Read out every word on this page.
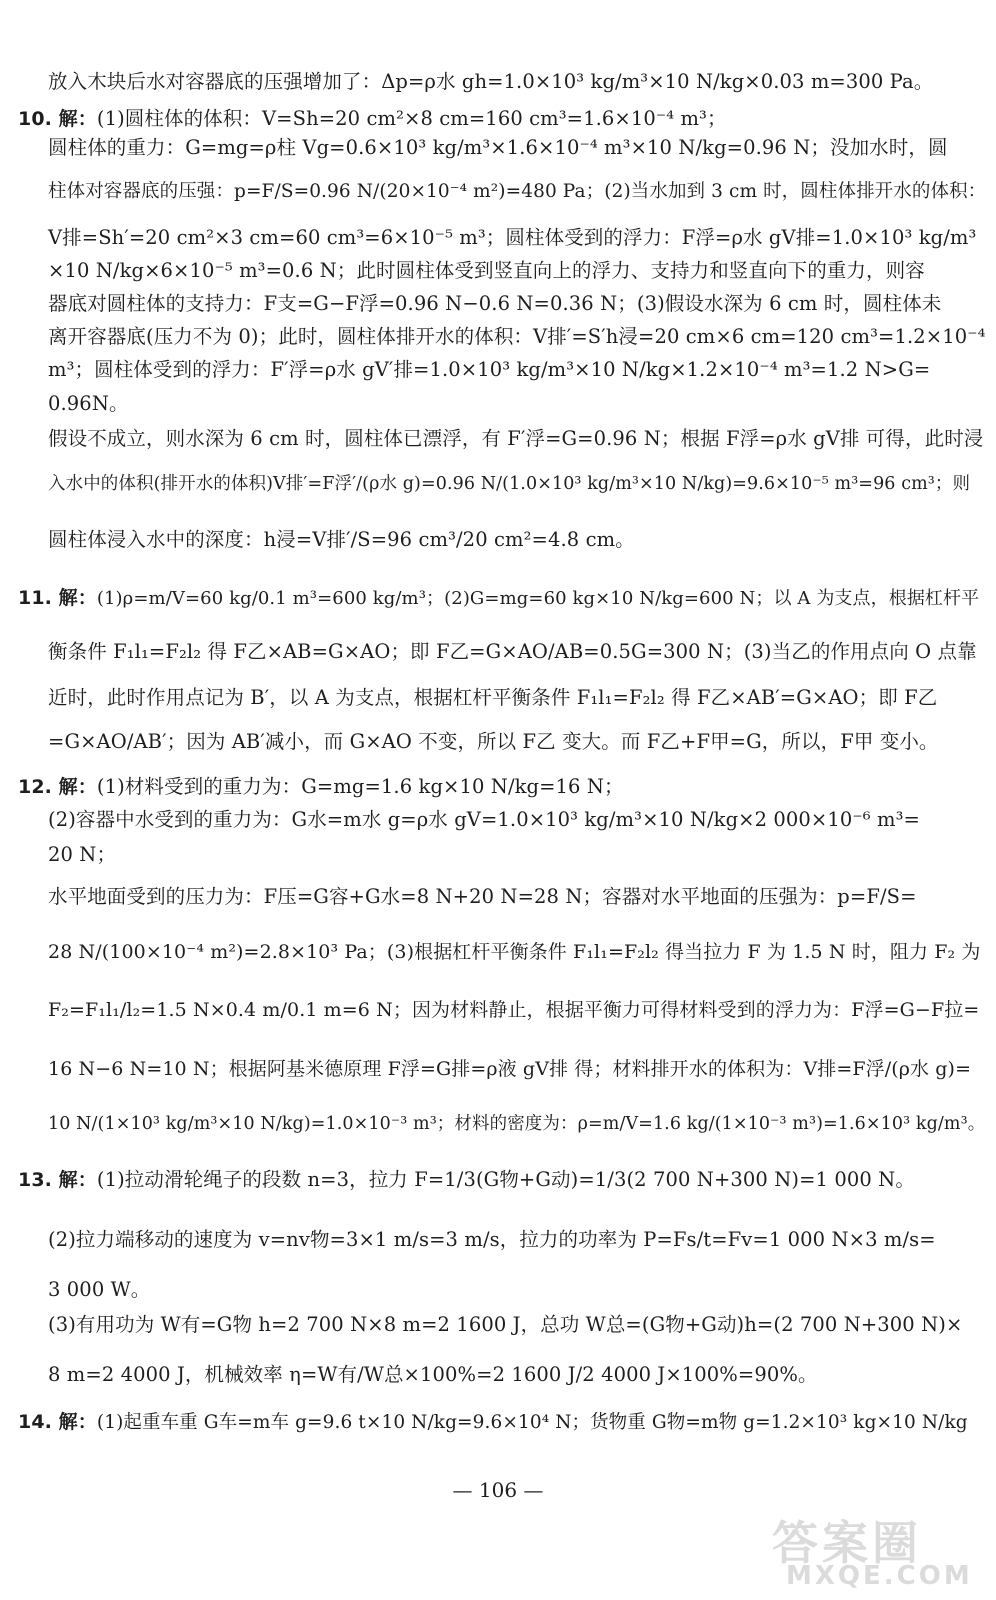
放入木块后水对容器底的压强增加了：Δp=ρ水 gh=1.0×10³ kg/m³×10 N/kg×0.03 m=300 Pa。
10. 解：(1)圆柱体的体积：V=Sh=20 cm²×8 cm=160 cm³=1.6×10⁻⁴ m³；
圆柱体的重力：G=mg=ρ柱 Vg=0.6×10³ kg/m³×1.6×10⁻⁴ m³×10 N/kg=0.96 N；没加水时，圆
柱体对容器底的压强：p=F/S=0.96 N/(20×10⁻⁴ m²)=480 Pa；(2)当水加到 3 cm 时，圆柱体排开水的体积：
V排=Sh′=20 cm²×3 cm=60 cm³=6×10⁻⁵ m³；圆柱体受到的浮力：F浮=ρ水 gV排=1.0×10³ kg/m³
×10 N/kg×6×10⁻⁵ m³=0.6 N；此时圆柱体受到竖直向上的浮力、支持力和竖直向下的重力，则容
器底对圆柱体的支持力：F支=G−F浮=0.96 N−0.6 N=0.36 N；(3)假设水深为 6 cm 时，圆柱体未
离开容器底(压力不为 0)；此时，圆柱体排开水的体积：V排′=S′h浸=20 cm×6 cm=120 cm³=1.2×10⁻⁴
m³；圆柱体受到的浮力：F′浮=ρ水 gV′排=1.0×10³ kg/m³×10 N/kg×1.2×10⁻⁴ m³=1.2 N>G=
0.96N。
假设不成立，则水深为 6 cm 时，圆柱体已漂浮，有 F′浮=G=0.96 N；根据 F浮=ρ水 gV排 可得，此时浸
入水中的体积(排开水的体积)V排′=F浮′/(ρ水 g)=0.96 N/(1.0×10³ kg/m³×10 N/kg)=9.6×10⁻⁵ m³=96 cm³；则
圆柱体浸入水中的深度：h浸=V排′/S=96 cm³/20 cm²=4.8 cm。
11. 解：(1)ρ=m/V=60 kg/0.1 m³=600 kg/m³；(2)G=mg=60 kg×10 N/kg=600 N；以 A 为支点，根据杠杆平
衡条件 F₁l₁=F₂l₂ 得 F乙×AB=G×AO；即 F乙=G×AO/AB=0.5G=300 N；(3)当乙的作用点向 O 点靠
近时，此时作用点记为 B′，以 A 为支点，根据杠杆平衡条件 F₁l₁=F₂l₂ 得 F乙×AB′=G×AO；即 F乙
=G×AO/AB′；因为 AB′减小，而 G×AO 不变，所以 F乙 变大。而 F乙+F甲=G，所以，F甲 变小。
12. 解：(1)材料受到的重力为：G=mg=1.6 kg×10 N/kg=16 N；
(2)容器中水受到的重力为：G水=m水 g=ρ水 gV=1.0×10³ kg/m³×10 N/kg×2 000×10⁻⁶ m³=
20 N；
水平地面受到的压力为：F压=G容+G水=8 N+20 N=28 N；容器对水平地面的压强为：p=F/S=
28 N/(100×10⁻⁴ m²)=2.8×10³ Pa；(3)根据杠杆平衡条件 F₁l₁=F₂l₂ 得当拉力 F 为 1.5 N 时，阻力 F₂ 为
F₂=F₁l₁/l₂=1.5 N×0.4 m/0.1 m=6 N；因为材料静止，根据平衡力可得材料受到的浮力为：F浮=G−F拉=
16 N−6 N=10 N；根据阿基米德原理 F浮=G排=ρ液 gV排 得；材料排开水的体积为：V排=F浮/(ρ水 g)=
10 N/(1×10³ kg/m³×10 N/kg)=1.0×10⁻³ m³；材料的密度为：ρ=m/V=1.6 kg/(1×10⁻³ m³)=1.6×10³ kg/m³。
13. 解：(1)拉动滑轮绳子的段数 n=3，拉力 F=1/3(G物+G动)=1/3(2 700 N+300 N)=1 000 N。
(2)拉力端移动的速度为 v=nv物=3×1 m/s=3 m/s，拉力的功率为 P=Fs/t=Fv=1 000 N×3 m/s=
3 000 W。
(3)有用功为 W有=G物 h=2 700 N×8 m=2 1600 J，总功 W总=(G物+G动)h=(2 700 N+300 N)×
8 m=2 4000 J，机械效率 η=W有/W总×100%=2 1600 J/2 4000 J×100%=90%。
14. 解：(1)起重车重 G车=m车 g=9.6 t×10 N/kg=9.6×10⁴ N；货物重 G物=m物 g=1.2×10³ kg×10 N/kg
— 106 —
答案圈
MXQE.COM
